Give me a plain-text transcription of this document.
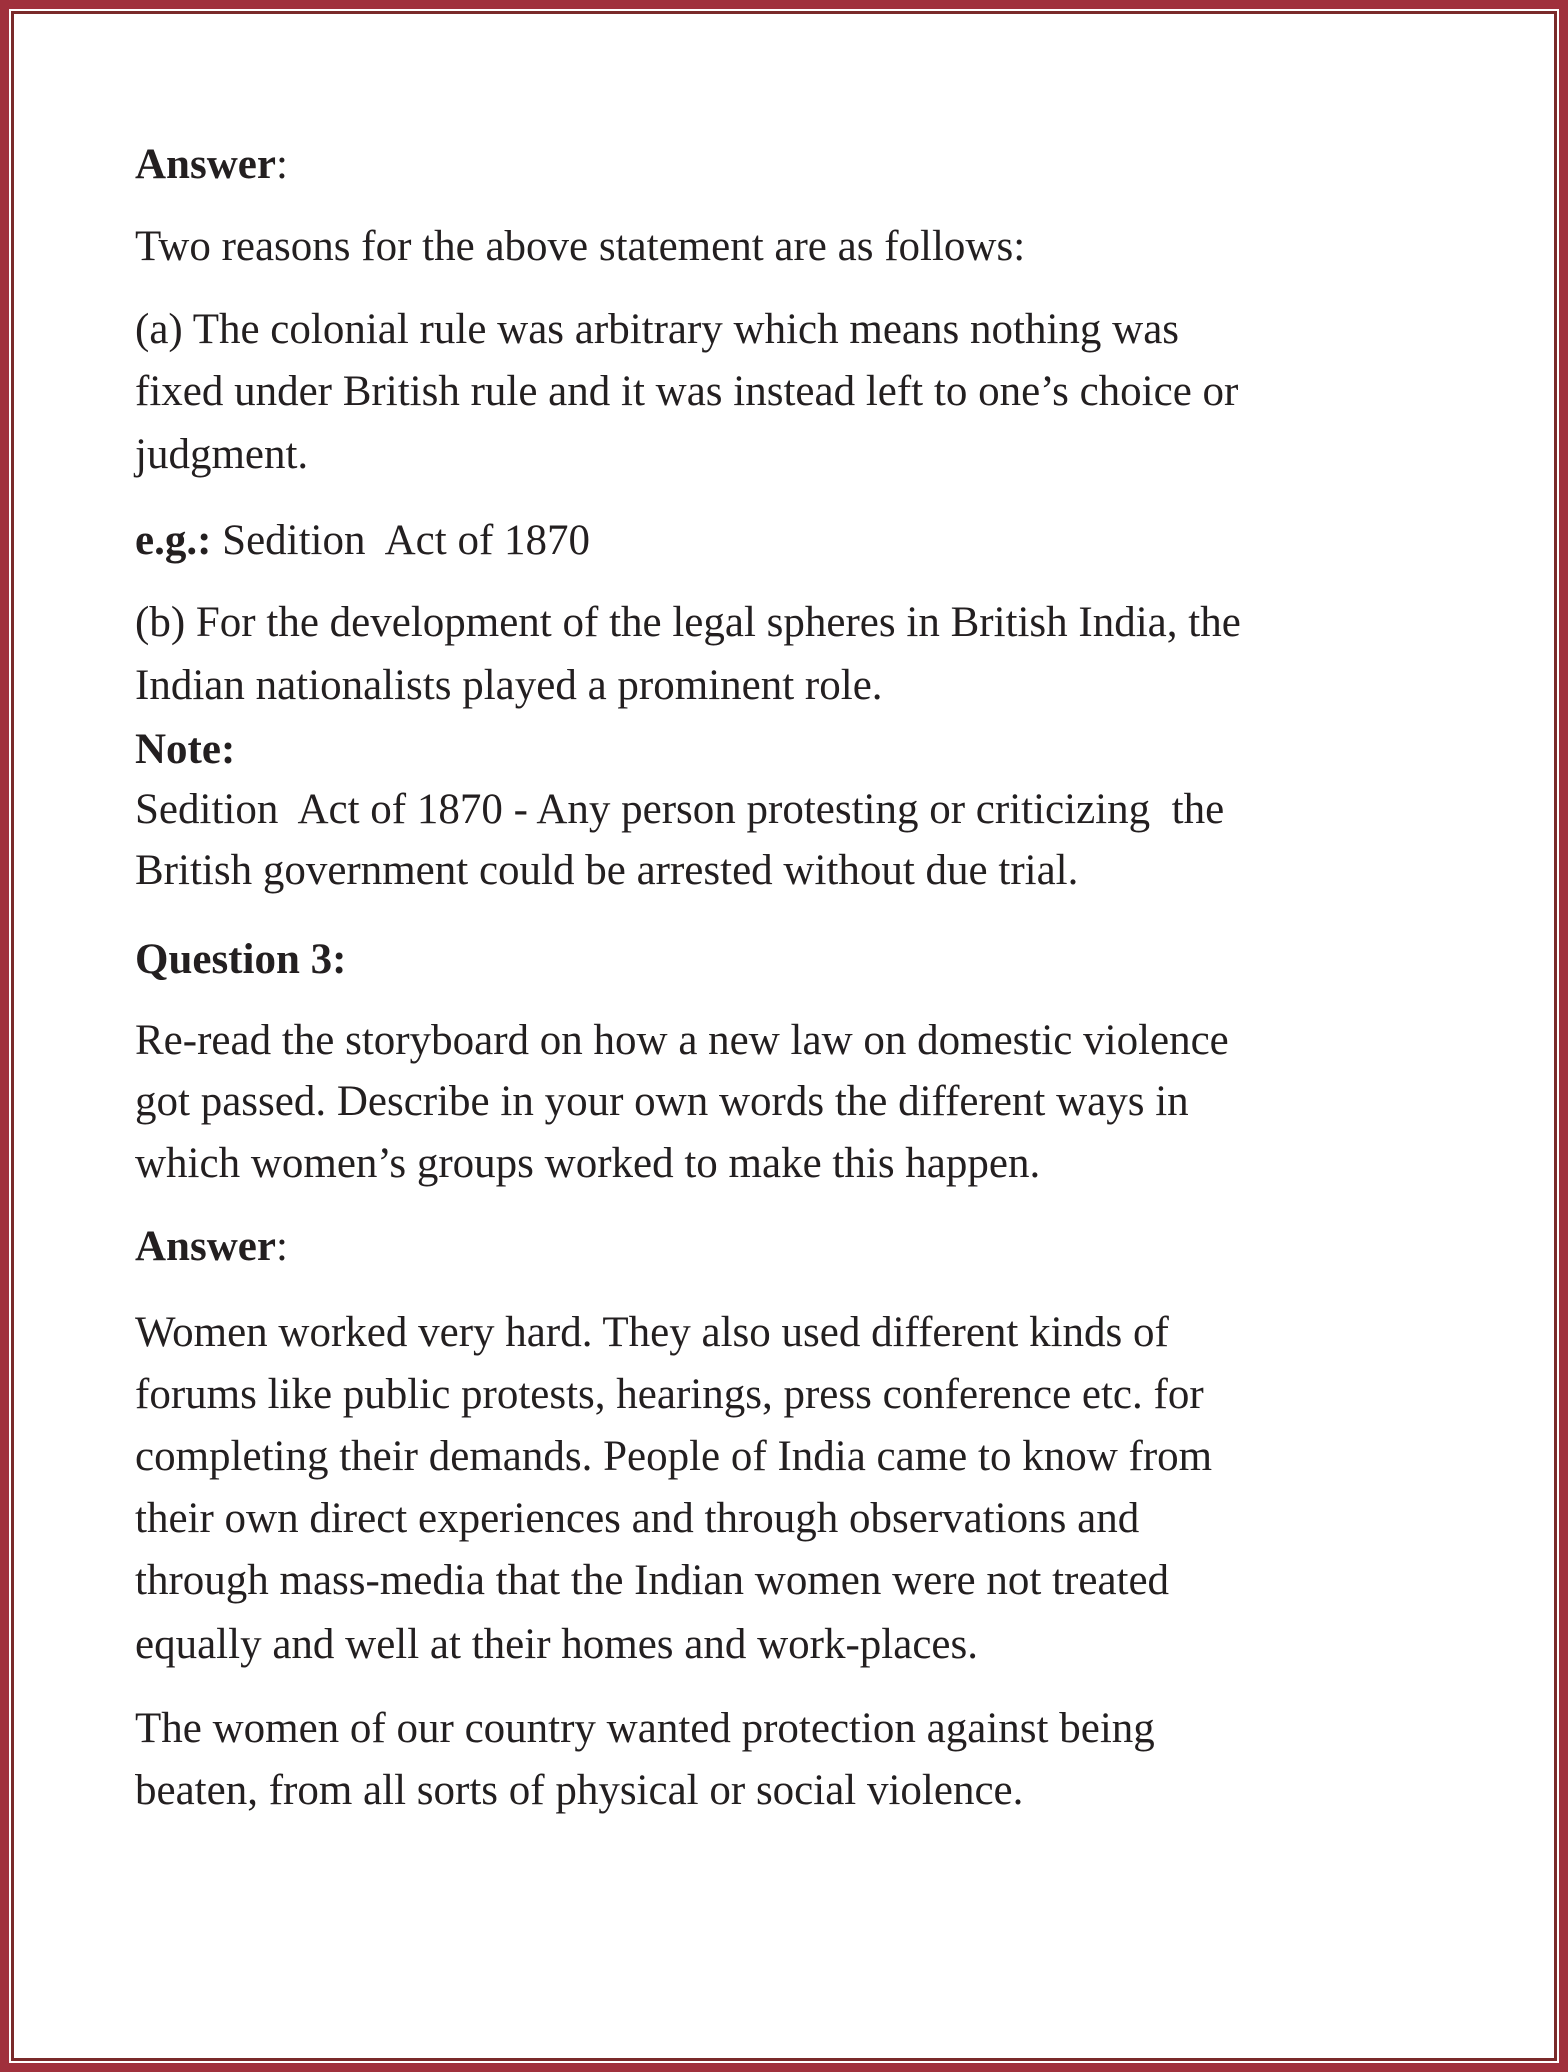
Answer:
Two reasons for the above statement are as follows:
(a) The colonial rule was arbitrary which means nothing was
fixed under British rule and it was instead left to one’s choice or
judgment.
e.g.: Sedition  Act of 1870
(b) For the development of the legal spheres in British India, the
Indian nationalists played a prominent role.
Note:
Sedition  Act of 1870 - Any person protesting or criticizing  the
British government could be arrested without due trial.
Question 3:
Re-read the storyboard on how a new law on domestic violence
got passed. Describe in your own words the different ways in
which women’s groups worked to make this happen.
Answer:
Women worked very hard. They also used different kinds of
forums like public protests, hearings, press conference etc. for
completing their demands. People of India came to know from
their own direct experiences and through observations and
through mass-media that the Indian women were not treated
equally and well at their homes and work-places.
The women of our country wanted protection against being
beaten, from all sorts of physical or social violence.
